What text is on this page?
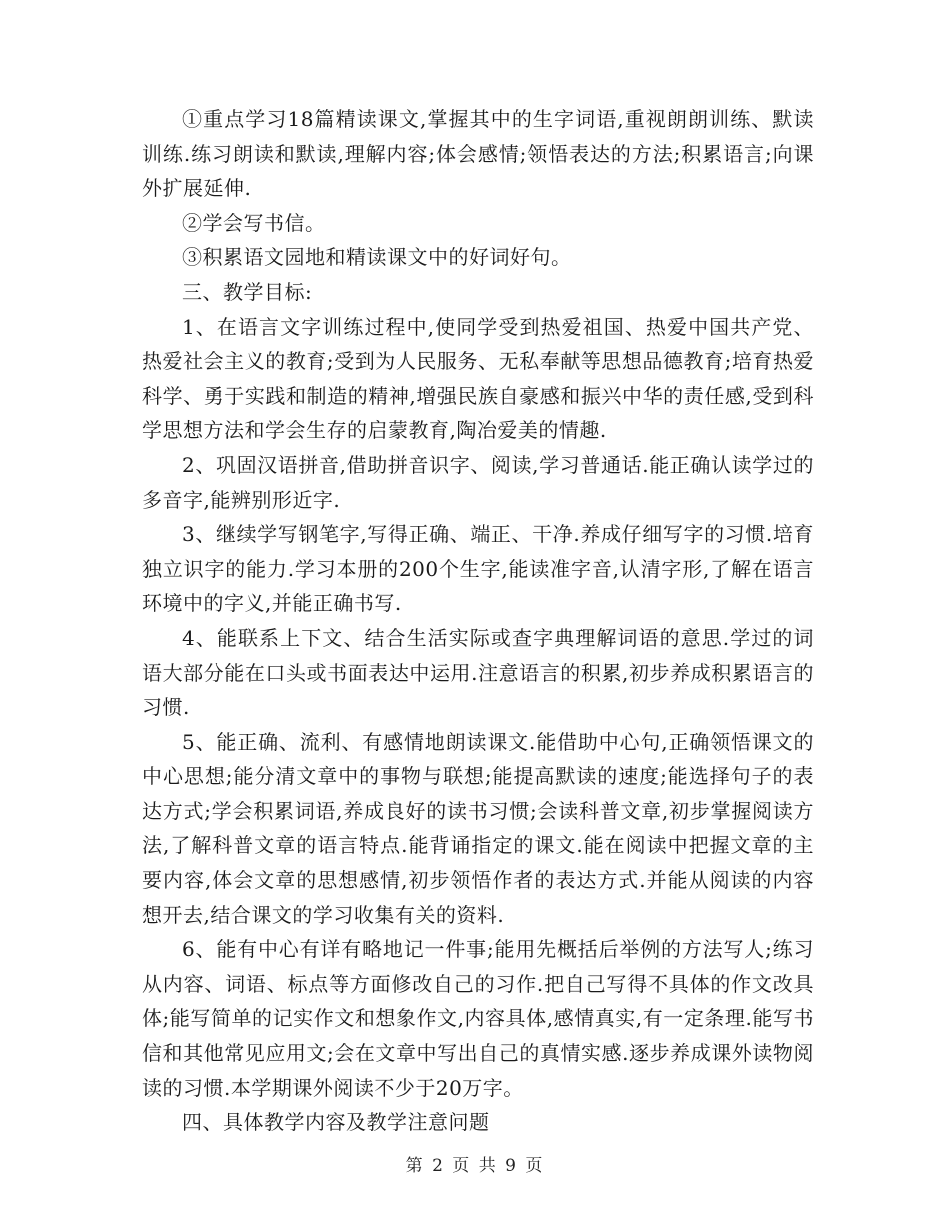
①重点学习18篇精读课文,掌握其中的生字词语,重视朗朗训练、默读训练.练习朗读和默读,理解内容;体会感情;领悟表达的方法;积累语言;向课外扩展延伸.

②学会写书信。

③积累语文园地和精读课文中的好词好句。

三、教学目标:

1、在语言文字训练过程中,使同学受到热爱祖国、热爱中国共产党、热爱社会主义的教育;受到为人民服务、无私奉献等思想品德教育;培育热爱科学、勇于实践和制造的精神,增强民族自豪感和振兴中华的责任感,受到科学思想方法和学会生存的启蒙教育,陶冶爱美的情趣.

2、巩固汉语拼音,借助拼音识字、阅读,学习普通话.能正确认读学过的多音字,能辨别形近字.

3、继续学写钢笔字,写得正确、端正、干净.养成仔细写字的习惯.培育独立识字的能力.学习本册的200个生字,能读准字音,认清字形,了解在语言环境中的字义,并能正确书写.

4、能联系上下文、结合生活实际或查字典理解词语的意思.学过的词语大部分能在口头或书面表达中运用.注意语言的积累,初步养成积累语言的习惯.

5、能正确、流利、有感情地朗读课文.能借助中心句,正确领悟课文的中心思想;能分清文章中的事物与联想;能提高默读的速度;能选择句子的表达方式;学会积累词语,养成良好的读书习惯;会读科普文章,初步掌握阅读方法,了解科普文章的语言特点.能背诵指定的课文.能在阅读中把握文章的主要内容,体会文章的思想感情,初步领悟作者的表达方式.并能从阅读的内容想开去,结合课文的学习收集有关的资料.

6、能有中心有详有略地记一件事;能用先概括后举例的方法写人;练习从内容、词语、标点等方面修改自己的习作.把自己写得不具体的作文改具体;能写简单的记实作文和想象作文,内容具体,感情真实,有一定条理.能写书信和其他常见应用文;会在文章中写出自己的真情实感.逐步养成课外读物阅读的习惯.本学期课外阅读不少于20万字。

四、具体教学内容及教学注意问题

第 2 页 共 9 页
